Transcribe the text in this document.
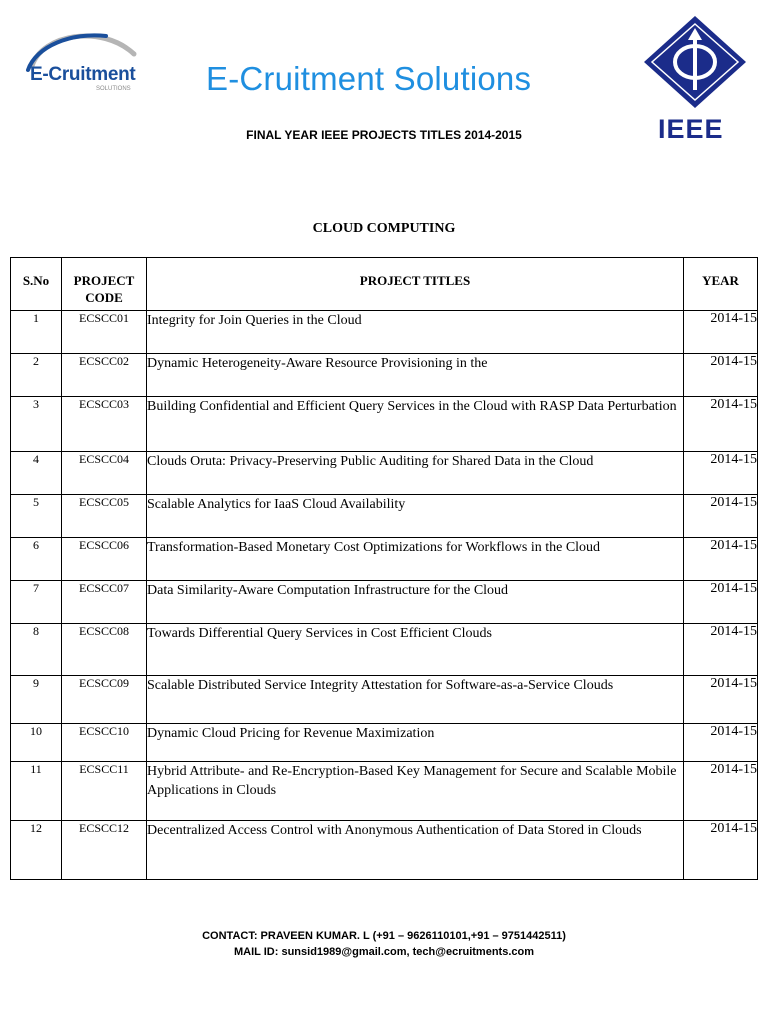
E-Cruitment
SOLUTIONS E-Cruitment Solutions
IEEE
FINAL YEAR IEEE PROJECTS TITLES 2014-2015
CLOUD COMPUTING
S.No	PROJECT CODE	PROJECT TITLES	YEAR
1	ECSCC01	Integrity for Join Queries in the Cloud	2014-15
2	ECSCC02	Dynamic Heterogeneity-Aware Resource Provisioning in the	2014-15
3	ECSCC03	Building Confidential and Efficient Query Services in the Cloud with RASP Data Perturbation	2014-15
4	ECSCC04	Clouds Oruta: Privacy-Preserving Public Auditing for Shared Data in the Cloud	2014-15
5	ECSCC05	Scalable Analytics for IaaS Cloud Availability	2014-15
6	ECSCC06	Transformation-Based Monetary Cost Optimizations for Workflows in the Cloud	2014-15
7	ECSCC07	Data Similarity-Aware Computation Infrastructure for the Cloud	2014-15
8	ECSCC08	Towards Differential Query Services in Cost Efficient Clouds	2014-15
9	ECSCC09	Scalable Distributed Service Integrity Attestation for Software-as-a-Service Clouds	2014-15
10	ECSCC10	Dynamic Cloud Pricing for Revenue Maximization	2014-15
11	ECSCC11	Hybrid Attribute- and Re-Encryption-Based Key Management for Secure and Scalable Mobile Applications in Clouds	2014-15
12	ECSCC12	Decentralized Access Control with Anonymous Authentication of Data Stored in Clouds	2014-15
CONTACT: PRAVEEN KUMAR. L (+91 – 9626110101,+91 – 9751442511)
MAIL ID: sunsid1989@gmail.com, tech@ecruitments.com
